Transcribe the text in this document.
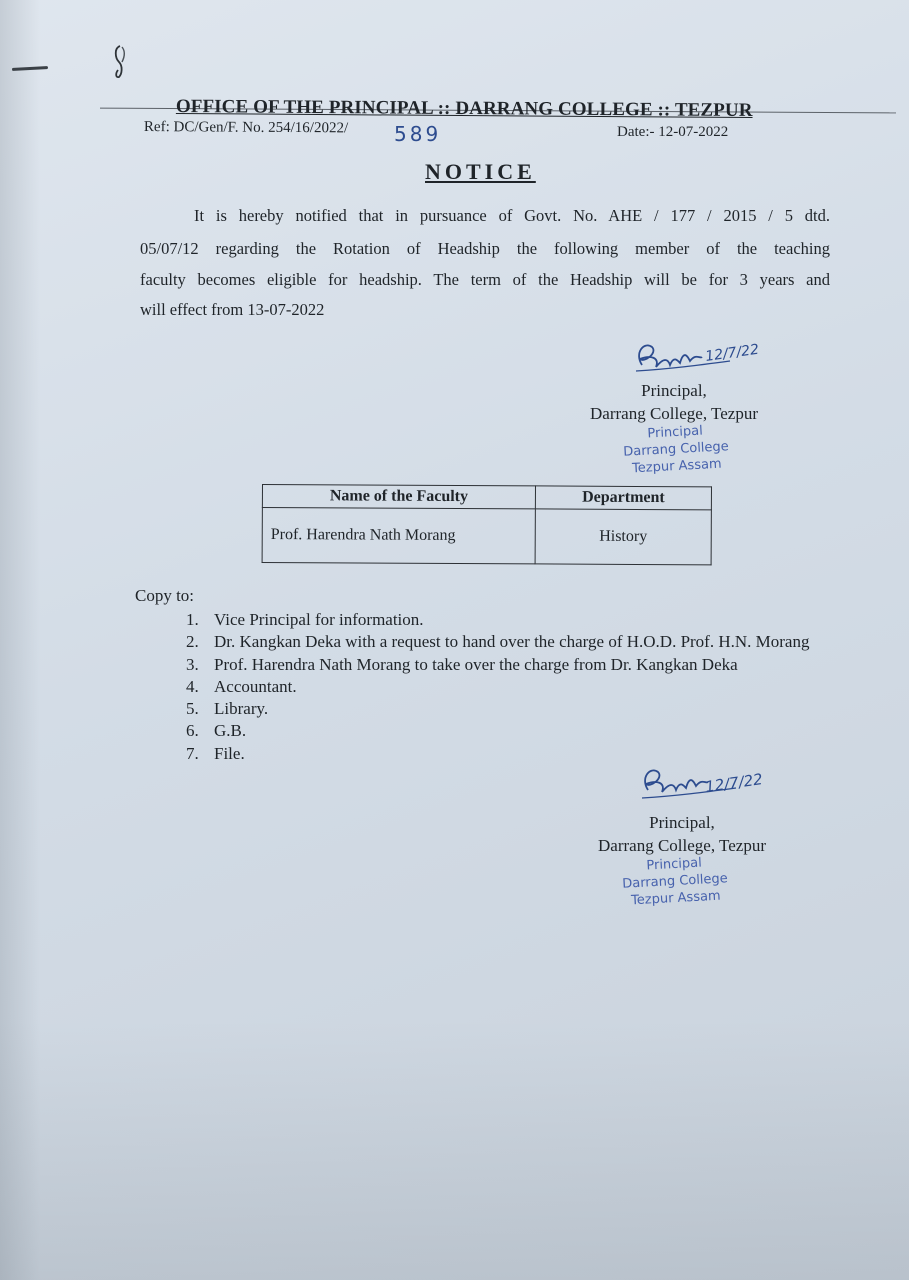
OFFICE OF THE PRINCIPAL :: DARRANG COLLEGE :: TEZPUR
Ref: DC/Gen/F. No. 254/16/2022/ 589	Date:- 12-07-2022
NOTICE
It is hereby notified that in pursuance of Govt. No. AHE / 177 / 2015 / 5 dtd.
05/07/12 regarding the Rotation of Headship the following member of the teaching
faculty becomes eligible for headship. The term of the Headship will be for 3 years and
will effect from 13-07-2022
12/7/22
Principal,
Darrang College, Tezpur
Principal
Darrang College
Tezpur Assam
Name of the Faculty	Department
Prof. Harendra Nath Morang	History
Copy to:
1. Vice Principal for information.
2. Dr. Kangkan Deka with a request to hand over the charge of H.O.D. Prof. H.N. Morang
3. Prof. Harendra Nath Morang to take over the charge from Dr. Kangkan Deka
4. Accountant.
5. Library.
6. G.B.
7. File.
12/7/22
Principal,
Darrang College, Tezpur
Principal
Darrang College
Tezpur Assam
